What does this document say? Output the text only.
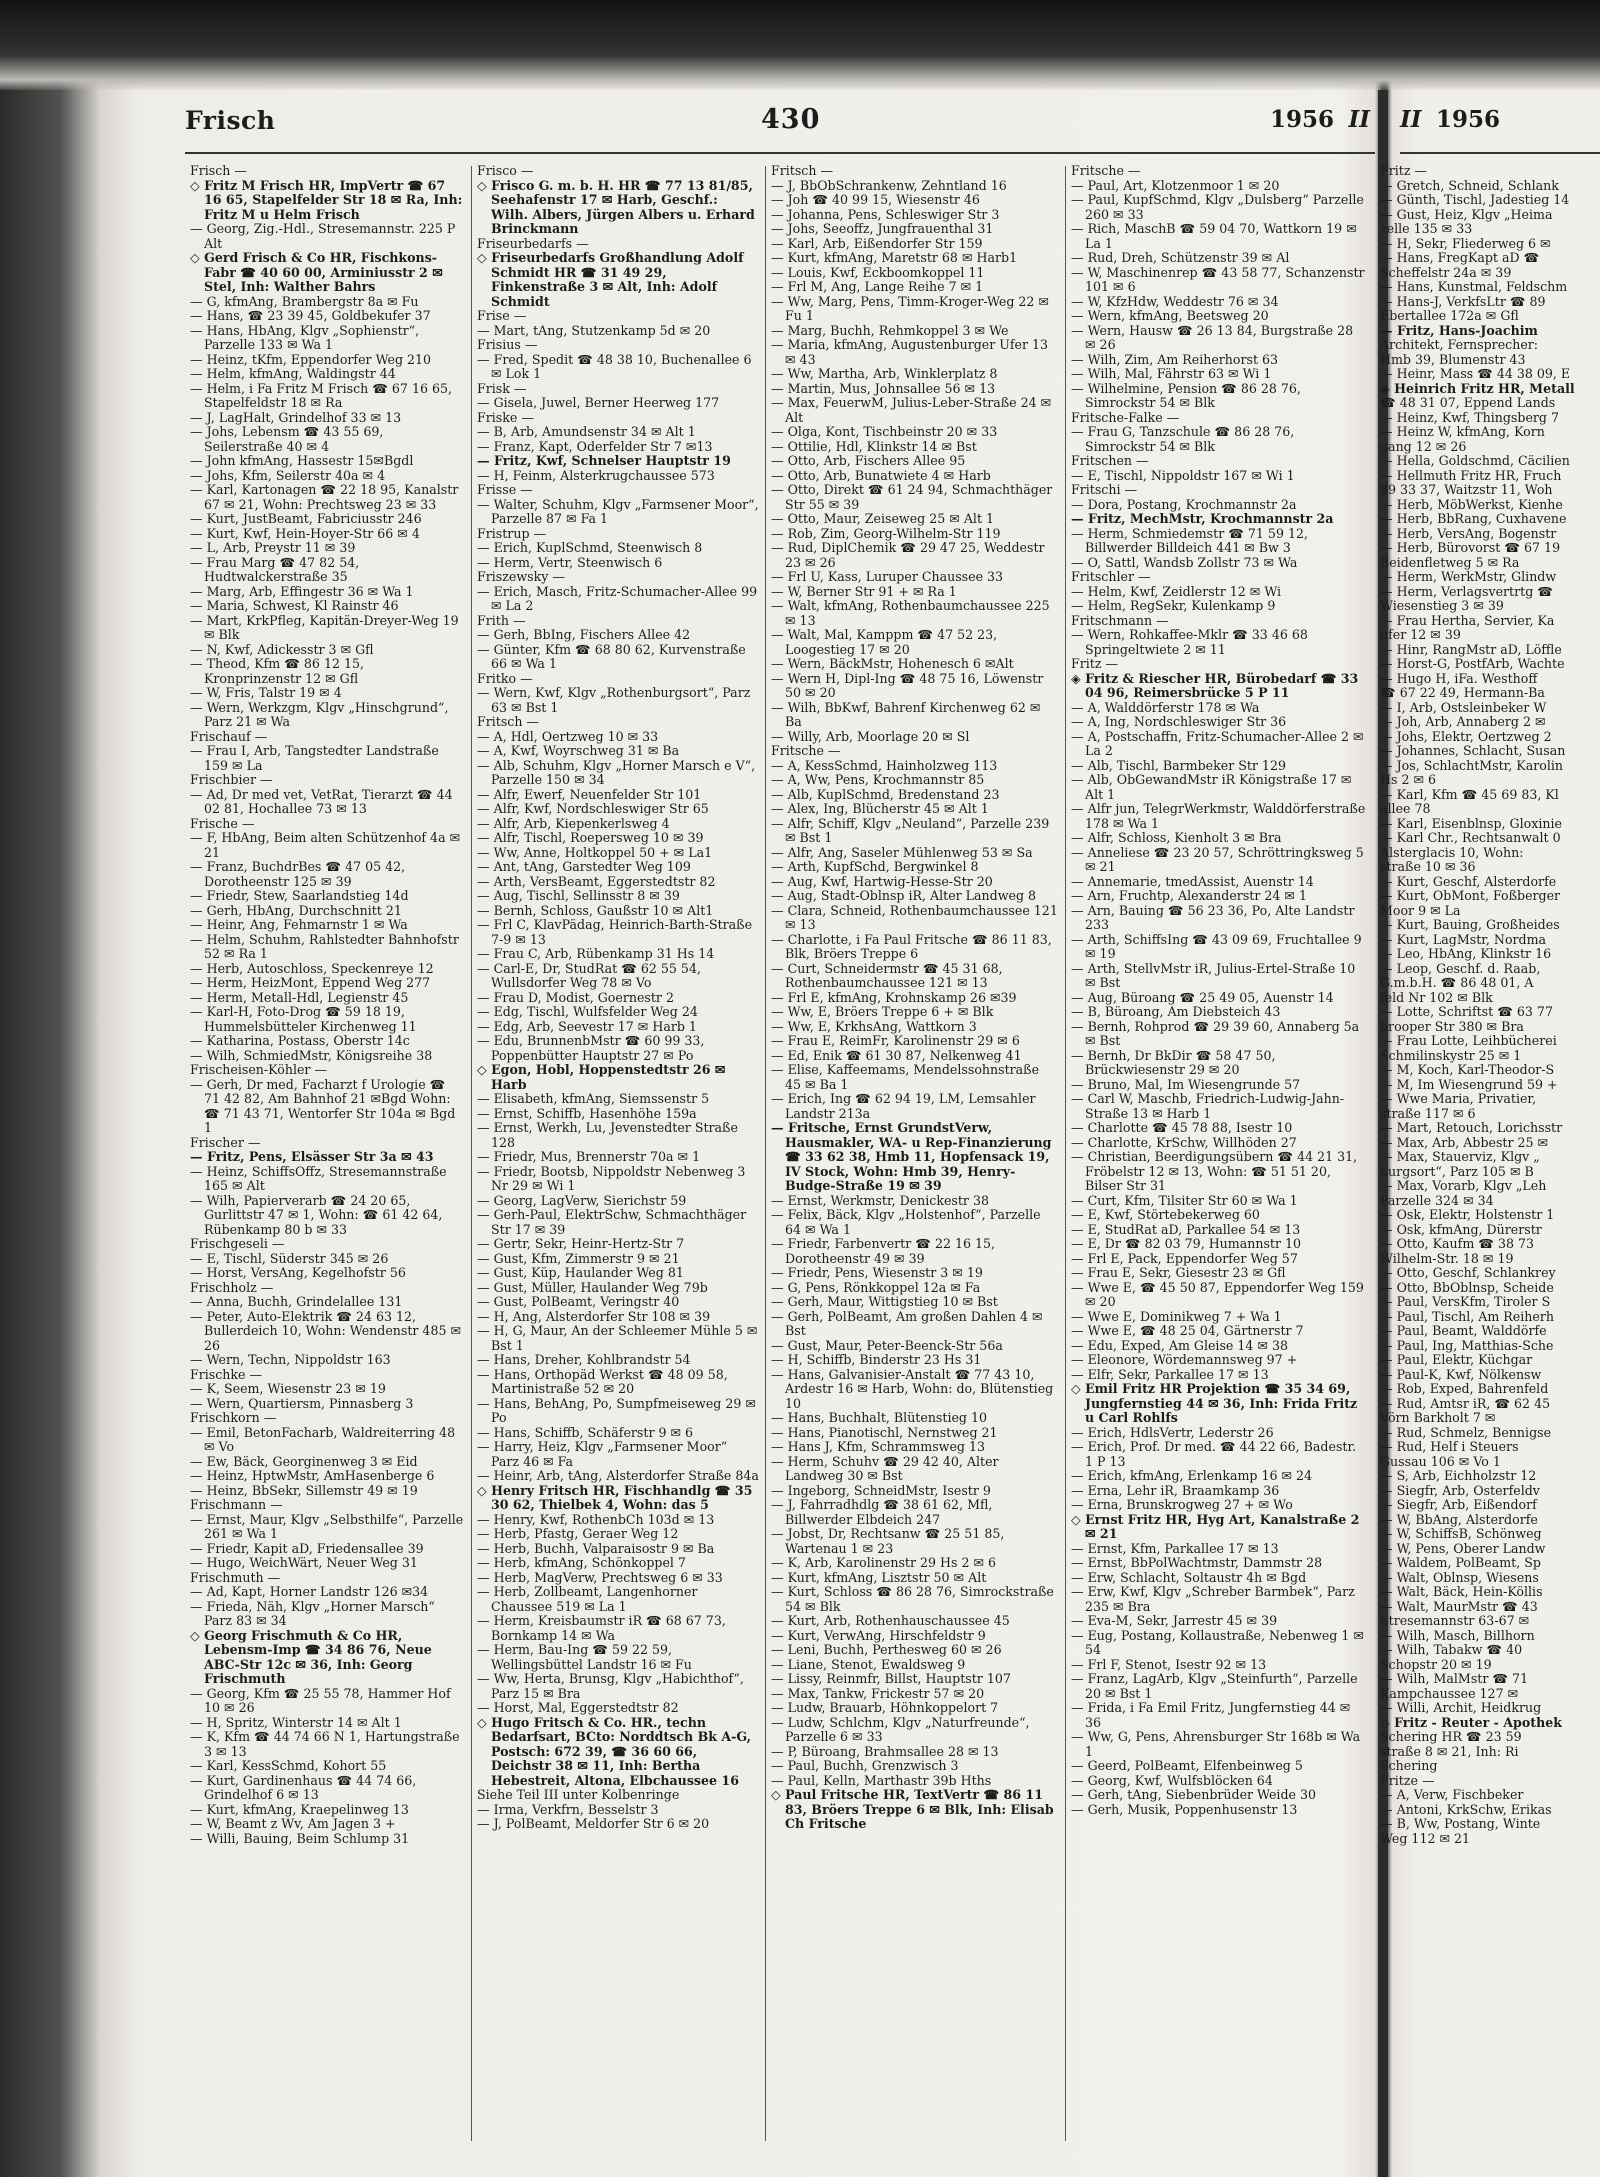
Frisch	430	1956 II II 1956

Frisch —

◇ Fritz M Frisch HR, ImpVertr ☎ 67 16 65, Stapelfelder Str 18 ✉ Ra, Inh: Fritz M u Helm Frisch

— Georg, Zig.-Hdl., Stresemannstr. 225 P Alt

◇ Gerd Frisch & Co HR, Fischkons-Fabr ☎ 40 60 00, Arminiusstr 2 ✉ Stel, Inh: Walther Bahrs

— G, kfmAng, Brambergstr 8a ✉ Fu

— Hans, ☎ 23 39 45, Goldbekufer 37

— Hans, HbAng, Klgv „Sophienstr“, Parzelle 133 ✉ Wa 1

— Heinz, tKfm, Eppendorfer Weg 210

— Helm, kfmAng, Waldingstr 44

— Helm, i Fa Fritz M Frisch ☎ 67 16 65, Stapelfeldstr 18 ✉ Ra

— J, LagHalt, Grindelhof 33 ✉ 13

— Johs, Lebensm ☎ 43 55 69, Seilerstraße 40 ✉ 4

— John kfmAng, Hassestr 15✉Bgdl

— Johs, Kfm, Seilerstr 40a ✉ 4

— Karl, Kartonagen ☎ 22 18 95, Kanalstr 67 ✉ 21, Wohn: Prechtsweg 23 ✉ 33

— Kurt, JustBeamt, Fabriciusstr 246

— Kurt, Kwf, Hein-Hoyer-Str 66 ✉ 4

— L, Arb, Preystr 11 ✉ 39

— Frau Marg ☎ 47 82 54, Hudtwalckerstraße 35

— Marg, Arb, Effingestr 36 ✉ Wa 1

— Maria, Schwest, Kl Rainstr 46

— Mart, KrkPfleg, Kapitän-Dreyer-Weg 19 ✉ Blk

— N, Kwf, Adickesstr 3 ✉ Gfl

— Theod, Kfm ☎ 86 12 15, Kronprinzenstr 12 ✉ Gfl

— W, Fris, Talstr 19 ✉ 4

— Wern, Werkzgm, Klgv „Hinschgrund“, Parz 21 ✉ Wa

Frischauf —

— Frau I, Arb, Tangstedter Landstraße 159 ✉ La

Frischbier —

— Ad, Dr med vet, VetRat, Tierarzt ☎ 44 02 81, Hochallee 73 ✉ 13

Frische —

— F, HbAng, Beim alten Schützenhof 4a ✉ 21

— Franz, BuchdrBes ☎ 47 05 42, Dorotheenstr 125 ✉ 39

— Friedr, Stew, Saarlandstieg 14d

— Gerh, HbAng, Durchschnitt 21

— Heinr, Ang, Fehmarnstr 1 ✉ Wa

— Helm, Schuhm, Rahlstedter Bahnhofstr 52 ✉ Ra 1

— Herb, Autoschloss, Speckenreye 12

— Herm, HeizMont, Eppend Weg 277

— Herm, Metall-Hdl, Legienstr 45

— Karl-H, Foto-Drog ☎ 59 18 19, Hummelsbütteler Kirchenweg 11

— Katharina, Postass, Oberstr 14c

— Wilh, SchmiedMstr, Königsreihe 38

Frischeisen-Köhler —

— Gerh, Dr med, Facharzt f Urologie ☎ 71 42 82, Am Bahnhof 21 ✉Bgd Wohn: ☎ 71 43 71, Wentorfer Str 104a ✉ Bgd 1

Frischer —

— Fritz, Pens, Elsässer Str 3a ✉ 43

— Heinz, SchiffsOffz, Stresemannstraße 165 ✉ Alt

— Wilh, Papierverarb ☎ 24 20 65, Gurlittstr 47 ✉ 1, Wohn: ☎ 61 42 64, Rübenkamp 80 b ✉ 33

Frischgeseli —

— E, Tischl, Süderstr 345 ✉ 26

— Horst, VersAng, Kegelhofstr 56

Frischholz —

— Anna, Buchh, Grindelallee 131

— Peter, Auto-Elektrik ☎ 24 63 12, Bullerdeich 10, Wohn: Wendenstr 485 ✉ 26

— Wern, Techn, Nippoldstr 163

Frischke —

— K, Seem, Wiesenstr 23 ✉ 19

— Wern, Quartiersm, Pinnasberg 3

Frischkorn —

— Emil, BetonFacharb, Waldreiterring 48 ✉ Vo

— Ew, Bäck, Georginenweg 3 ✉ Eid

— Heinz, HptwMstr, AmHasenberge 6

— Heinz, BbSekr, Sillemstr 49 ✉ 19

Frischmann —

— Ernst, Maur, Klgv „Selbsthilfe“, Parzelle 261 ✉ Wa 1

— Friedr, Kapit aD, Friedensallee 39

— Hugo, WeichWärt, Neuer Weg 31

Frischmuth —

— Ad, Kapt, Horner Landstr 126 ✉34

— Frieda, Näh, Klgv „Horner Marsch“ Parz 83 ✉ 34

◇ Georg Frischmuth & Co HR, Lebensm-Imp ☎ 34 86 76, Neue ABC-Str 12c ✉ 36, Inh: Georg Frischmuth

— Georg, Kfm ☎ 25 55 78, Hammer Hof 10 ✉ 26

— H, Spritz, Winterstr 14 ✉ Alt 1

— K, Kfm ☎ 44 74 66 N 1, Hartungstraße 3 ✉ 13

— Karl, KessSchmd, Kohort 55

— Kurt, Gardinenhaus ☎ 44 74 66, Grindelhof 6 ✉ 13

— Kurt, kfmAng, Kraepelinweg 13

— W, Beamt z Wv, Am Jagen 3 +

— Willi, Bauing, Beim Schlump 31

Frisco —

◇ Frisco G. m. b. H. HR ☎ 77 13 81/85, Seehafenstr 17 ✉ Harb, Geschf.: Wilh. Albers, Jürgen Albers u. Erhard Brinckmann

Friseurbedarfs —

◇ Friseurbedarfs Großhandlung Adolf Schmidt HR ☎ 31 49 29, Finkenstraße 3 ✉ Alt, Inh: Adolf Schmidt

Frise —

— Mart, tAng, Stutzenkamp 5d ✉ 20

Frisius —

— Fred, Spedit ☎ 48 38 10, Buchenallee 6 ✉ Lok 1

Frisk —

— Gisela, Juwel, Berner Heerweg 177

Friske —

— B, Arb, Amundsenstr 34 ✉ Alt 1

— Franz, Kapt, Oderfelder Str 7 ✉13

— Fritz, Kwf, Schnelser Hauptstr 19

— H, Feinm, Alsterkrugchaussee 573

Frisse —

— Walter, Schuhm, Klgv „Farmsener Moor“, Parzelle 87 ✉ Fa 1

Fristrup —

— Erich, KuplSchmd, Steenwisch 8

— Herm, Vertr, Steenwisch 6

Friszewsky —

— Erich, Masch, Fritz-Schumacher-Allee 99 ✉ La 2

Frith —

— Gerh, BbIng, Fischers Allee 42

— Günter, Kfm ☎ 68 80 62, Kurvenstraße 66 ✉ Wa 1

Fritko —

— Wern, Kwf, Klgv „Rothenburgsort“, Parz 63 ✉ Bst 1

Fritsch —

— A, Hdl, Oertzweg 10 ✉ 33

— A, Kwf, Woyrschweg 31 ✉ Ba

— Alb, Schuhm, Klgv „Horner Marsch e V“, Parzelle 150 ✉ 34

— Alfr, Ewerf, Neuenfelder Str 101

— Alfr, Kwf, Nordschleswiger Str 65

— Alfr, Arb, Kiepenkerlsweg 4

— Alfr, Tischl, Roepersweg 10 ✉ 39

— Ww, Anne, Holtkoppel 50 + ✉ La1

— Ant, tAng, Garstedter Weg 109

— Arth, VersBeamt, Eggerstedtstr 82

— Aug, Tischl, Sellinsstr 8 ✉ 39

— Bernh, Schloss, Gaußstr 10 ✉ Alt1

— Frl C, KlavPädag, Heinrich-Barth-Straße 7-9 ✉ 13

— Frau C, Arb, Rübenkamp 31 Hs 14

— Carl-E, Dr, StudRat ☎ 62 55 54, Wullsdorfer Weg 78 ✉ Vo

— Frau D, Modist, Goernestr 2

— Edg, Tischl, Wulfsfelder Weg 24

— Edg, Arb, Seevestr 17 ✉ Harb 1

— Edu, BrunnenbMstr ☎ 60 99 33, Poppenbütter Hauptstr 27 ✉ Po

◇ Egon, Hobl, Hoppenstedtstr 26 ✉ Harb

— Elisabeth, kfmAng, Siemssenstr 5

— Ernst, Schiffb, Hasenhöhe 159a

— Ernst, Werkh, Lu, Jevenstedter Straße 128

— Friedr, Mus, Brennerstr 70a ✉ 1

— Friedr, Bootsb, Nippoldstr Nebenweg 3 Nr 29 ✉ Wi 1

— Georg, LagVerw, Sierichstr 59

— Gerh-Paul, ElektrSchw, Schmachthäger Str 17 ✉ 39

— Gertr, Sekr, Heinr-Hertz-Str 7

— Gust, Kfm, Zimmerstr 9 ✉ 21

— Gust, Küp, Haulander Weg 81

— Gust, Müller, Haulander Weg 79b

— Gust, PolBeamt, Veringstr 40

— H, Ang, Alsterdorfer Str 108 ✉ 39

— H, G, Maur, An der Schleemer Mühle 5 ✉ Bst 1

— Hans, Dreher, Kohlbrandstr 54

— Hans, Orthopäd Werkst ☎ 48 09 58, Martinistraße 52 ✉ 20

— Hans, BehAng, Po, Sumpfmeiseweg 29 ✉ Po

— Hans, Schiffb, Schäferstr 9 ✉ 6

— Harry, Heiz, Klgv „Farmsener Moor“ Parz 46 ✉ Fa

— Heinr, Arb, tAng, Alsterdorfer Straße 84a

◇ Henry Fritsch HR, Fischhandlg ☎ 35 30 62, Thielbek 4, Wohn: das 5

— Henry, Kwf, RothenbCh 103d ✉ 13

— Herb, Pfastg, Geraer Weg 12

— Herb, Buchh, Valparaisostr 9 ✉ Ba

— Herb, kfmAng, Schönkoppel 7

— Herb, MagVerw, Prechtsweg 6 ✉ 33

— Herb, Zollbeamt, Langenhorner Chaussee 519 ✉ La 1

— Herm, Kreisbaumstr iR ☎ 68 67 73, Bornkamp 14 ✉ Wa

— Herm, Bau-Ing ☎ 59 22 59, Wellingsbüttel Landstr 16 ✉ Fu

— Ww, Herta, Brunsg, Klgv „Habichthof“, Parz 15 ✉ Bra

— Horst, Mal, Eggerstedtstr 82

◇ Hugo Fritsch & Co. HR., techn Bedarfsart, BCto: Norddtsch Bk A-G, Postsch: 672 39, ☎ 36 60 66, Deichstr 38 ✉ 11, Inh: Bertha Hebestreit, Altona, Elbchaussee 16

Siehe Teil III unter Kolbenringe

— Irma, Verkfrn, Besselstr 3

— J, PolBeamt, Meldorfer Str 6 ✉ 20

Fritsch —

— J, BbObSchrankenw, Zehntland 16

— Joh ☎ 40 99 15, Wiesenstr 46

— Johanna, Pens, Schleswiger Str 3

— Johs, Seeoffz, Jungfrauenthal 31

— Karl, Arb, Eißendorfer Str 159

— Kurt, kfmAng, Maretstr 68 ✉ Harb1

— Louis, Kwf, Eckboomkoppel 11

— Frl M, Ang, Lange Reihe 7 ✉ 1

— Ww, Marg, Pens, Timm-Kroger-Weg 22 ✉ Fu 1

— Marg, Buchh, Rehmkoppel 3 ✉ We

— Maria, kfmAng, Augustenburger Ufer 13 ✉ 43

— Ww, Martha, Arb, Winklerplatz 8

— Martin, Mus, Johnsallee 56 ✉ 13

— Max, FeuerwM, Julius-Leber-Straße 24 ✉ Alt

— Olga, Kont, Tischbeinstr 20 ✉ 33

— Ottilie, Hdl, Klinkstr 14 ✉ Bst

— Otto, Arb, Fischers Allee 95

— Otto, Arb, Bunatwiete 4 ✉ Harb

— Otto, Direkt ☎ 61 24 94, Schmachthäger Str 55 ✉ 39

— Otto, Maur, Zeiseweg 25 ✉ Alt 1

— Rob, Zim, Georg-Wilhelm-Str 119

— Rud, DiplChemik ☎ 29 47 25, Weddestr 23 ✉ 26

— Frl U, Kass, Luruper Chaussee 33

— W, Berner Str 91 + ✉ Ra 1

— Walt, kfmAng, Rothenbaumchaussee 225 ✉ 13

— Walt, Mal, Kamppm ☎ 47 52 23, Loogestieg 17 ✉ 20

— Wern, BäckMstr, Hohenesch 6 ✉Alt

— Wern H, Dipl-Ing ☎ 48 75 16, Löwenstr 50 ✉ 20

— Wilh, BbKwf, Bahrenf Kirchenweg 62 ✉ Ba

— Willy, Arb, Moorlage 20 ✉ Sl

Fritsche —

— A, KessSchmd, Hainholzweg 113

— A, Ww, Pens, Krochmannstr 85

— Alb, KuplSchmd, Bredenstand 23

— Alex, Ing, Blücherstr 45 ✉ Alt 1

— Alfr, Schiff, Klgv „Neuland“, Parzelle 239 ✉ Bst 1

— Alfr, Ang, Saseler Mühlenweg 53 ✉ Sa

— Arth, KupfSchd, Bergwinkel 8

— Aug, Kwf, Hartwig-Hesse-Str 20

— Aug, Stadt-Oblnsp iR, Alter Landweg 8

— Clara, Schneid, Rothenbaumchaussee 121 ✉ 13

— Charlotte, i Fa Paul Fritsche ☎ 86 11 83, Blk, Bröers Treppe 6

— Curt, Schneidermstr ☎ 45 31 68, Rothenbaumchaussee 121 ✉ 13

— Frl E, kfmAng, Krohnskamp 26 ✉39

— Ww, E, Bröers Treppe 6 + ✉ Blk

— Ww, E, KrkhsAng, Wattkorn 3

— Frau E, ReimFr, Karolinenstr 29 ✉ 6

— Ed, Enik ☎ 61 30 87, Nelkenweg 41

— Elise, Kaffeemams, Mendelssohnstraße 45 ✉ Ba 1

— Erich, Ing ☎ 62 94 19, LM, Lemsahler Landstr 213a

— Fritsche, Ernst GrundstVerw, Hausmakler, WA- u Rep-Finanzierung ☎ 33 62 38, Hmb 11, Hopfensack 19, IV Stock, Wohn: Hmb 39, Henry-Budge-Straße 19 ✉ 39

— Ernst, Werkmstr, Denickestr 38

— Felix, Bäck, Klgv „Holstenhof“, Parzelle 64 ✉ Wa 1

— Friedr, Farbenvertr ☎ 22 16 15, Dorotheenstr 49 ✉ 39

— Friedr, Pens, Wiesenstr 3 ✉ 19

— G, Pens, Rönkkoppel 12a ✉ Fa

— Gerh, Maur, Wittigstieg 10 ✉ Bst

— Gerh, PolBeamt, Am großen Dahlen 4 ✉ Bst

— Gust, Maur, Peter-Beenck-Str 56a

— H, Schiffb, Binderstr 23 Hs 31

— Hans, Galvanisier-Anstalt ☎ 77 43 10, Ardestr 16 ✉ Harb, Wohn: do, Blütenstieg 10

— Hans, Buchhalt, Blütenstieg 10

— Hans, Pianotischl, Nernstweg 21

— Hans J, Kfm, Schrammsweg 13

— Herm, Schuhv ☎ 29 42 40, Alter Landweg 30 ✉ Bst

— Ingeborg, SchneidMstr, Isestr 9

— J, Fahrradhdlg ☎ 38 61 62, Mfl, Billwerder Elbdeich 247

— Jobst, Dr, Rechtsanw ☎ 25 51 85, Wartenau 1 ✉ 23

— K, Arb, Karolinenstr 29 Hs 2 ✉ 6

— Kurt, kfmAng, Lisztstr 50 ✉ Alt

— Kurt, Schloss ☎ 86 28 76, Simrockstraße 54 ✉ Blk

— Kurt, Arb, Rothenhauschaussee 45

— Kurt, VerwAng, Hirschfeldstr 9

— Leni, Buchh, Perthesweg 60 ✉ 26

— Liane, Stenot, Ewaldsweg 9

— Lissy, Reinmfr, Billst, Hauptstr 107

— Max, Tankw, Frickestr 57 ✉ 20

— Ludw, Brauarb, Höhnkoppelort 7

— Ludw, Schlchm, Klgv „Naturfreunde“, Parzelle 6 ✉ 33

— P, Büroang, Brahmsallee 28 ✉ 13

— Paul, Buchh, Grenzwisch 3

— Paul, Kelln, Marthastr 39b Hths

◇ Paul Fritsche HR, TextVertr ☎ 86 11 83, Bröers Treppe 6 ✉ Blk, Inh: Elisab Ch Fritsche

Fritsche —

— Paul, Art, Klotzenmoor 1 ✉ 20

— Paul, KupfSchmd, Klgv „Dulsberg“ Parzelle 260 ✉ 33

— Rich, MaschB ☎ 59 04 70, Wattkorn 19 ✉ La 1

— Rud, Dreh, Schützenstr 39 ✉ Al

— W, Maschinenrep ☎ 43 58 77, Schanzenstr 101 ✉ 6

— W, KfzHdw, Weddestr 76 ✉ 34

— Wern, kfmAng, Beetsweg 20

— Wern, Hausw ☎ 26 13 84, Burgstraße 28 ✉ 26

— Wilh, Zim, Am Reiherhorst 63

— Wilh, Mal, Fährstr 63 ✉ Wi 1

— Wilhelmine, Pension ☎ 86 28 76, Simrockstr 54 ✉ Blk

Fritsche-Falke —

— Frau G, Tanzschule ☎ 86 28 76, Simrockstr 54 ✉ Blk

Fritschen —

— E, Tischl, Nippoldstr 167 ✉ Wi 1

Fritschi —

— Dora, Postang, Krochmannstr 2a

— Fritz, MechMstr, Krochmannstr 2a

— Herm, Schmiedemstr ☎ 71 59 12, Billwerder Billdeich 441 ✉ Bw 3

— O, Sattl, Wandsb Zollstr 73 ✉ Wa

Fritschler —

— Helm, Kwf, Zeidlerstr 12 ✉ Wi

— Helm, RegSekr, Kulenkamp 9

Fritschmann —

— Wern, Rohkaffee-Mklr ☎ 33 46 68 Springeltwiete 2 ✉ 11

Fritz —

◈ Fritz & Riescher HR, Bürobedarf ☎ 33 04 96, Reimersbrücke 5 P 11

— A, Walddörferstr 178 ✉ Wa

— A, Ing, Nordschleswiger Str 36

— A, Postschaffn, Fritz-Schumacher-Allee 2 ✉ La 2

— Alb, Tischl, Barmbeker Str 129

— Alb, ObGewandMstr iR Königstraße 17 ✉ Alt 1

— Alfr jun, TelegrWerkmstr, Walddörferstraße 178 ✉ Wa 1

— Alfr, Schloss, Kienholt 3 ✉ Bra

— Anneliese ☎ 23 20 57, Schröttringksweg 5 ✉ 21

— Annemarie, tmedAssist, Auenstr 14

— Arn, Fruchtp, Alexanderstr 24 ✉ 1

— Arn, Bauing ☎ 56 23 36, Po, Alte Landstr 233

— Arth, SchiffsIng ☎ 43 09 69, Fruchtallee 9 ✉ 19

— Arth, StellvMstr iR, Julius-Ertel-Straße 10 ✉ Bst

— Aug, Büroang ☎ 25 49 05, Auenstr 14

— B, Büroang, Am Diebsteich 43

— Bernh, Rohprod ☎ 29 39 60, Annaberg 5a ✉ Bst

— Bernh, Dr BkDir ☎ 58 47 50, Brückwiesenstr 29 ✉ 20

— Bruno, Mal, Im Wiesengrunde 57

— Carl W, Maschb, Friedrich-Ludwig-Jahn-Straße 13 ✉ Harb 1

— Charlotte ☎ 45 78 88, Isestr 10

— Charlotte, KrSchw, Willhöden 27

— Christian, Beerdigungsübern ☎ 44 21 31, Fröbelstr 12 ✉ 13, Wohn: ☎ 51 51 20, Bilser Str 31

— Curt, Kfm, Tilsiter Str 60 ✉ Wa 1

— E, Kwf, Störtebekerweg 60

— E, StudRat aD, Parkallee 54 ✉ 13

— E, Dr ☎ 82 03 79, Humannstr 10

— Frl E, Pack, Eppendorfer Weg 57

— Frau E, Sekr, Giesestr 23 ✉ Gfl

— Wwe E, ☎ 45 50 87, Eppendorfer Weg 159 ✉ 20

— Wwe E, Dominikweg 7 + Wa 1

— Wwe E, ☎ 48 25 04, Gärtnerstr 7

— Edu, Exped, Am Gleise 14 ✉ 38

— Eleonore, Wördemannsweg 97 +

— Elfr, Sekr, Parkallee 17 ✉ 13

◇ Emil Fritz HR Projektion ☎ 35 34 69, Jungfernstieg 44 ✉ 36, Inh: Frida Fritz u Carl Rohlfs

— Erich, HdlsVertr, Lederstr 26

— Erich, Prof. Dr med. ☎ 44 22 66, Badestr. 1 P 13

— Erich, kfmAng, Erlenkamp 16 ✉ 24

— Erna, Lehr iR, Braamkamp 36

— Erna, Brunskrogweg 27 + ✉ Wo

◇ Ernst Fritz HR, Hyg Art, Kanalstraße 2 ✉ 21

— Ernst, Kfm, Parkallee 17 ✉ 13

— Ernst, BbPolWachtmstr, Dammstr 28

— Erw, Schlacht, Soltaustr 4h ✉ Bgd

— Erw, Kwf, Klgv „Schreber Barmbek“, Parz 235 ✉ Bra

— Eva-M, Sekr, Jarrestr 45 ✉ 39

— Eug, Postang, Kollaustraße, Nebenweg 1 ✉ 54

— Frl F, Stenot, Isestr 92 ✉ 13

— Franz, LagArb, Klgv „Steinfurth“, Parzelle 20 ✉ Bst 1

— Frida, i Fa Emil Fritz, Jungfernstieg 44 ✉ 36

— Ww, G, Pens, Ahrensburger Str 168b ✉ Wa 1

— Geerd, PolBeamt, Elfenbeinweg 5

— Georg, Kwf, Wulfsblöcken 64

— Gerh, tAng, Siebenbrüder Weide 30

— Gerh, Musik, Poppenhusenstr 13

Fritz —

— Gretch, Schneid, Schlank

— Günth, Tischl, Jadestieg 14

— Gust, Heiz, Klgv „Heima

zelle 135 ✉ 33

— H, Sekr, Fliederweg 6 ✉

— Hans, FregKapt aD ☎

Scheffelstr 24a ✉ 39

— Hans, Kunstmal, Feldschm

— Hans-J, VerkfsLtr ☎ 89

Ebertallee 172a ✉ Gfl

— Fritz, Hans-Joachim

Architekt, Fernsprecher:

Hmb 39, Blumenstr 43

— Heinr, Mass ☎ 44 38 09, E

◈ Heinrich Fritz HR, Metall

☎ 48 31 07, Eppend Lands

— Heinz, Kwf, Thingsberg 7

— Heinz W, kfmAng, Korn

gang 12 ✉ 26

— Hella, Goldschmd, Cäcilien

— Hellmuth Fritz HR, Fruch

89 33 37, Waitzstr 11, Woh

— Herb, MöbWerkst, Kienhe

— Herb, BbRang, Cuxhavene

— Herb, VersAng, Bogenstr

— Herb, Bürovorst ☎ 67 19

Beidenfletweg 5 ✉ Ra

— Herm, WerkMstr, Glindw

— Herm, Verlagsvertrtg ☎

Wiesenstieg 3 ✉ 39

— Frau Hertha, Servier, Ka

ufer 12 ✉ 39

— Hinr, RangMstr aD, Löffle

— Horst-G, PostfArb, Wachte

— Hugo H, iFa. Westhoff

☎ 67 22 49, Hermann-Ba

— I, Arb, Ostsleinbeker W

— Joh, Arb, Annaberg 2 ✉

— Johs, Elektr, Oertzweg 2

— Johannes, Schlacht, Susan

— Jos, SchlachtMstr, Karolin

Hs 2 ✉ 6

— Karl, Kfm ☎ 45 69 83, Kl

allee 78

— Karl, Eisenblnsp, Gloxinie

— Karl Chr., Rechtsanwalt 0

Alsterglacis 10, Wohn:

straße 10 ✉ 36

— Kurt, Geschf, Alsterdorfe

— Kurt, ObMont, Foßberger

Moor 9 ✉ La

— Kurt, Bauing, Großheides

— Kurt, LagMstr, Nordma

— Leo, HbAng, Klinkstr 16

— Leop, Geschf. d. Raab,

G.m.b.H. ☎ 86 48 01, A

feld Nr 102 ✉ Blk

— Lotte, Schriftst ☎ 63 77

brooper Str 380 ✉ Bra

— Frau Lotte, Leihbücherei

Schmilinskystr 25 ✉ 1

— M, Koch, Karl-Theodor-S

— M, Im Wiesengrund 59 +

— Wwe Maria, Privatier,

straße 117 ✉ 6

— Mart, Retouch, Lorichsstr

— Max, Arb, Abbestr 25 ✉

— Max, Stauerviz, Klgv „

burgsort“, Parz 105 ✉ B

— Max, Vorarb, Klgv „Leh

Parzelle 324 ✉ 34

— Osk, Elektr, Holstenstr 1

— Osk, kfmAng, Dürerstr

— Otto, Kaufm ☎ 38 73

Wilhelm-Str. 18 ✉ 19

— Otto, Geschf, Schlankrey

— Otto, BbOblnsp, Scheide

— Paul, VersKfm, Tiroler S

— Paul, Tischl, Am Reiherh

— Paul, Beamt, Walddörfe

— Paul, Ing, Matthias-Sche

— Paul, Elektr, Küchgar

— Paul-K, Kwf, Nölkensw

— Rob, Exped, Bahrenfeld

— Rud, Amtsr iR, ☎ 62 45

Vörn Barkholt 7 ✉

— Rud, Schmelz, Bennigse

— Rud, Helf i Steuers

Gussau 106 ✉ Vo 1

— S, Arb, Eichholzstr 12

— Siegfr, Arb, Osterfeldv

— Siegfr, Arb, Eißendorf

— W, BbAng, Alsterdorfe

— W, SchiffsB, Schönweg

— W, Pens, Oberer Landw

— Waldem, PolBeamt, Sp

— Walt, Oblnsp, Wiesens

— Walt, Bäck, Hein-Köllis

— Walt, MaurMstr ☎ 43

Stresemannstr 63-67 ✉

— Wilh, Masch, Billhorn

— Wilh, Tabakw ☎ 40

Schopstr 20 ✉ 19

— Wilh, MalMstr ☎ 71

Kampchaussee 127 ✉

— Willi, Archit, Heidkrug

◇ Fritz - Reuter - Apothek

Schering HR ☎ 23 59

straße 8 ✉ 21, Inh: Ri

Schering

Fritze —

— A, Verw, Fischbeker

— Antoni, KrkSchw, Erikas

— B, Ww, Postang, Winte

Weg 112 ✉ 21
